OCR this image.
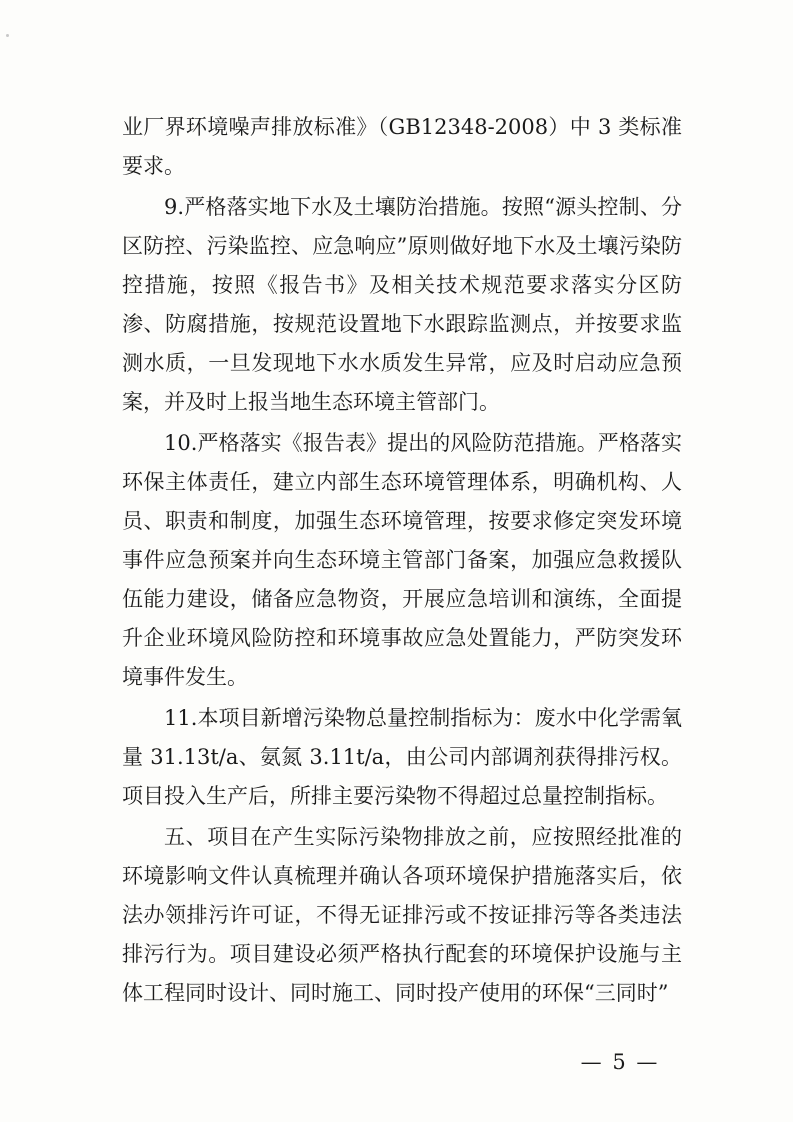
业厂界环境噪声排放标准》（GB12348-2008）中 3 类标准要求。

9.严格落实地下水及土壤防治措施。按照“源头控制、分区防控、污染监控、应急响应”原则做好地下水及土壤污染防控措施，按照《报告书》及相关技术规范要求落实分区防渗、防腐措施，按规范设置地下水跟踪监测点，并按要求监测水质，一旦发现地下水水质发生异常，应及时启动应急预案，并及时上报当地生态环境主管部门。

10.严格落实《报告表》提出的风险防范措施。严格落实环保主体责任，建立内部生态环境管理体系，明确机构、人员、职责和制度，加强生态环境管理，按要求修定突发环境事件应急预案并向生态环境主管部门备案，加强应急救援队伍能力建设，储备应急物资，开展应急培训和演练，全面提升企业环境风险防控和环境事故应急处置能力，严防突发环境事件发生。

11.本项目新增污染物总量控制指标为：废水中化学需氧量 31.13t/a、氨氮 3.11t/a，由公司内部调剂获得排污权。项目投入生产后，所排主要污染物不得超过总量控制指标。

五、项目在产生实际污染物排放之前，应按照经批准的环境影响文件认真梳理并确认各项环境保护措施落实后，依法办领排污许可证，不得无证排污或不按证排污等各类违法排污行为。项目建设必须严格执行配套的环境保护设施与主体工程同时设计、同时施工、同时投产使用的环保“三同时”

— 5 —
